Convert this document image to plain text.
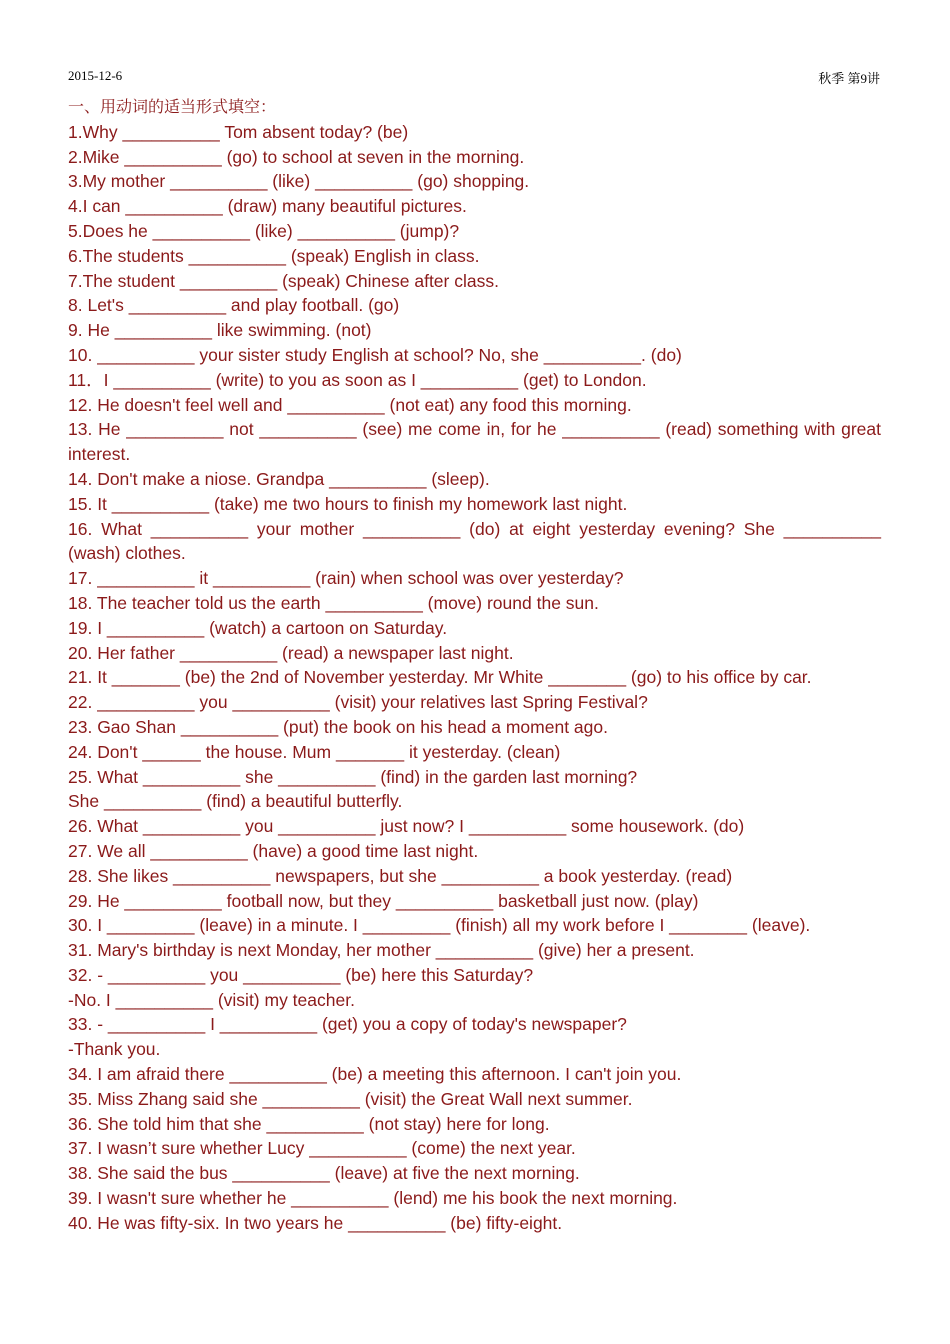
2015-12-6	秋季 第9讲
一、用动词的适当形式填空：
1.Why __________ Tom absent today? (be)
2.Mike __________ (go) to school at seven in the morning.
3.My mother __________ (like) __________ (go) shopping.
4.I can __________ (draw) many beautiful pictures.
5.Does he __________ (like) __________ (jump)?
6.The students __________ (speak) English in class.
7.The student __________ (speak) Chinese after class.
8. Let's __________ and play football. (go)
9. He __________ like swimming. (not)
10. __________ your sister study English at school? No, she __________. (do)
11．I __________ (write) to you as soon as I __________ (get) to London.
12. He doesn't feel well and __________ (not eat) any food this morning.
13. He __________ not __________ (see) me come in, for he __________ (read) something with great interest.
14. Don't make a niose. Grandpa __________ (sleep).
15. It __________ (take) me two hours to finish my homework last night.
16. What __________ your mother __________ (do) at eight yesterday evening? She __________ (wash) clothes.
17. __________ it __________ (rain) when school was over yesterday?
18. The teacher told us the earth __________ (move) round the sun.
19. I __________ (watch) a cartoon on Saturday.
20. Her father __________ (read) a newspaper last night.
21. It _______ (be) the 2nd of November yesterday. Mr White ________ (go) to his office by car.
22. __________ you __________ (visit) your relatives last Spring Festival?
23. Gao Shan __________ (put) the book on his head a moment ago.
24. Don't ______ the house. Mum _______ it yesterday. (clean)
25. What __________ she __________ (find) in the garden last morning?
She __________ (find) a beautiful butterfly.
26. What __________ you __________ just now? I __________ some housework. (do)
27. We all __________ (have) a good time last night.
28. She likes __________ newspapers, but she __________ a book yesterday. (read)
29. He __________ football now, but they __________ basketball just now. (play)
30. I _________ (leave) in a minute. I _________ (finish) all my work before I ________ (leave).
31. Mary's birthday is next Monday, her mother __________ (give) her a present.
32. - __________ you __________ (be) here this Saturday?
-No. I __________ (visit) my teacher.
33. - __________ I __________ (get) you a copy of today's newspaper?
-Thank you.
34. I am afraid there __________ (be) a meeting this afternoon. I can't join you.
35. Miss Zhang said she __________ (visit) the Great Wall next summer.
36. She told him that she __________ (not stay) here for long.
37. I wasn’t sure whether Lucy __________ (come) the next year.
38. She said the bus __________ (leave) at five the next morning.
39. I wasn't sure whether he __________ (lend) me his book the next morning.
40. He was fifty-six. In two years he __________ (be) fifty-eight.
